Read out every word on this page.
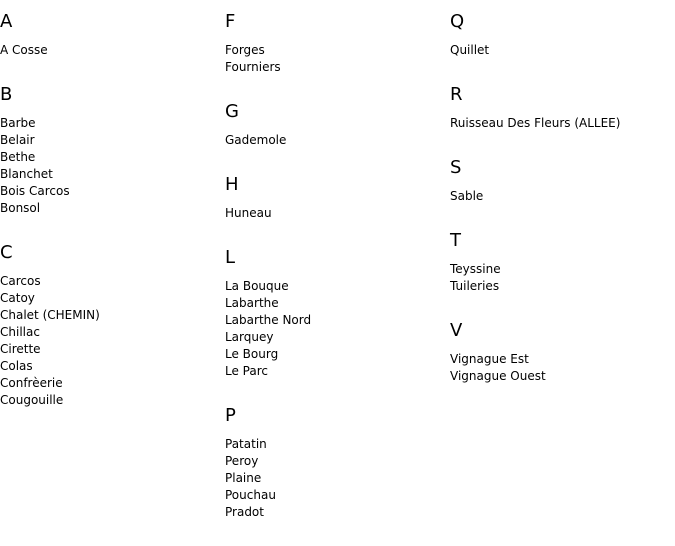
A
A Cosse
B
Barbe
Belair
Bethe
Blanchet
Bois Carcos
Bonsol
C
Carcos
Catoy
Chalet (CHEMIN)
Chillac
Cirette
Colas
Confrèerie
Cougouille
F
Forges
Fourniers
G
Gademole
H
Huneau
L
La Bouque
Labarthe
Labarthe Nord
Larquey
Le Bourg
Le Parc
P
Patatin
Peroy
Plaine
Pouchau
Pradot
Q
Quillet
R
Ruisseau Des Fleurs (ALLEE)
S
Sable
T
Teyssine
Tuileries
V
Vignague Est
Vignague Ouest
